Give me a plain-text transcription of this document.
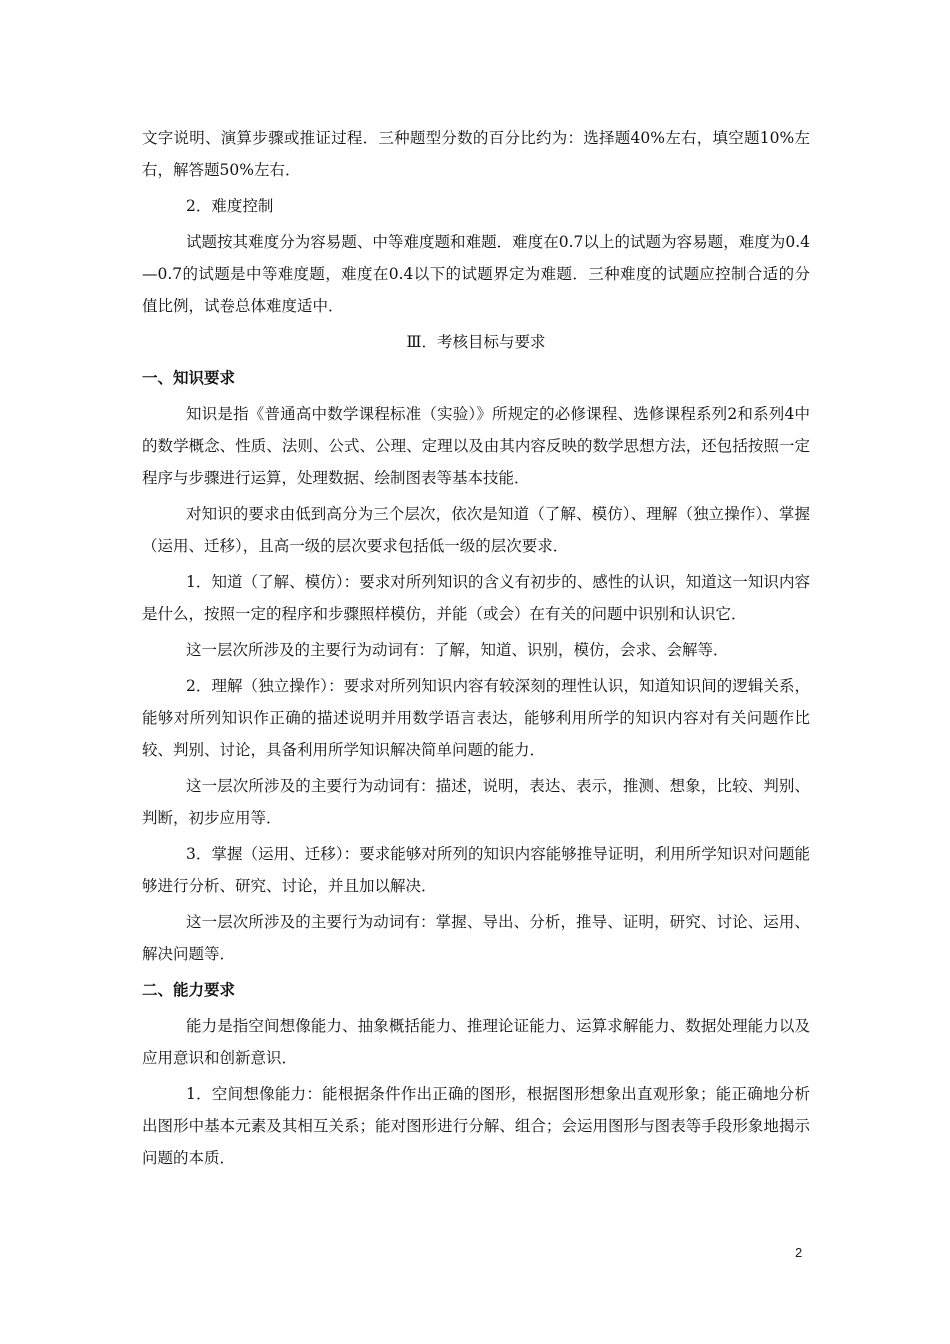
文字说明、演算步骤或推证过程．三种题型分数的百分比约为：选择题40%左右，填空题10%左右，解答题50%左右．

2．难度控制

试题按其难度分为容易题、中等难度题和难题．难度在0.7以上的试题为容易题，难度为0.4—0.7的试题是中等难度题，难度在0.4以下的试题界定为难题．三种难度的试题应控制合适的分值比例，试卷总体难度适中．

Ⅲ．考核目标与要求

一、知识要求

知识是指《普通高中数学课程标准（实验）》所规定的必修课程、选修课程系列2和系列4中的数学概念、性质、法则、公式、公理、定理以及由其内容反映的数学思想方法，还包括按照一定程序与步骤进行运算，处理数据、绘制图表等基本技能．

对知识的要求由低到高分为三个层次，依次是知道（了解、模仿）、理解（独立操作）、掌握（运用、迁移），且高一级的层次要求包括低一级的层次要求．

1．知道（了解、模仿）：要求对所列知识的含义有初步的、感性的认识，知道这一知识内容是什么，按照一定的程序和步骤照样模仿，并能（或会）在有关的问题中识别和认识它．

这一层次所涉及的主要行为动词有：了解，知道、识别，模仿，会求、会解等．

2．理解（独立操作）：要求对所列知识内容有较深刻的理性认识，知道知识间的逻辑关系，能够对所列知识作正确的描述说明并用数学语言表达，能够利用所学的知识内容对有关问题作比较、判别、讨论，具备利用所学知识解决简单问题的能力．

这一层次所涉及的主要行为动词有：描述，说明，表达、表示，推测、想象，比较、判别、判断，初步应用等．

3．掌握（运用、迁移）：要求能够对所列的知识内容能够推导证明，利用所学知识对问题能够进行分析、研究、讨论，并且加以解决．

这一层次所涉及的主要行为动词有：掌握、导出、分析，推导、证明，研究、讨论、运用、解决问题等．

二、能力要求

能力是指空间想像能力、抽象概括能力、推理论证能力、运算求解能力、数据处理能力以及应用意识和创新意识．

1．空间想像能力：能根据条件作出正确的图形，根据图形想象出直观形象；能正确地分析出图形中基本元素及其相互关系；能对图形进行分解、组合；会运用图形与图表等手段形象地揭示问题的本质．

2
